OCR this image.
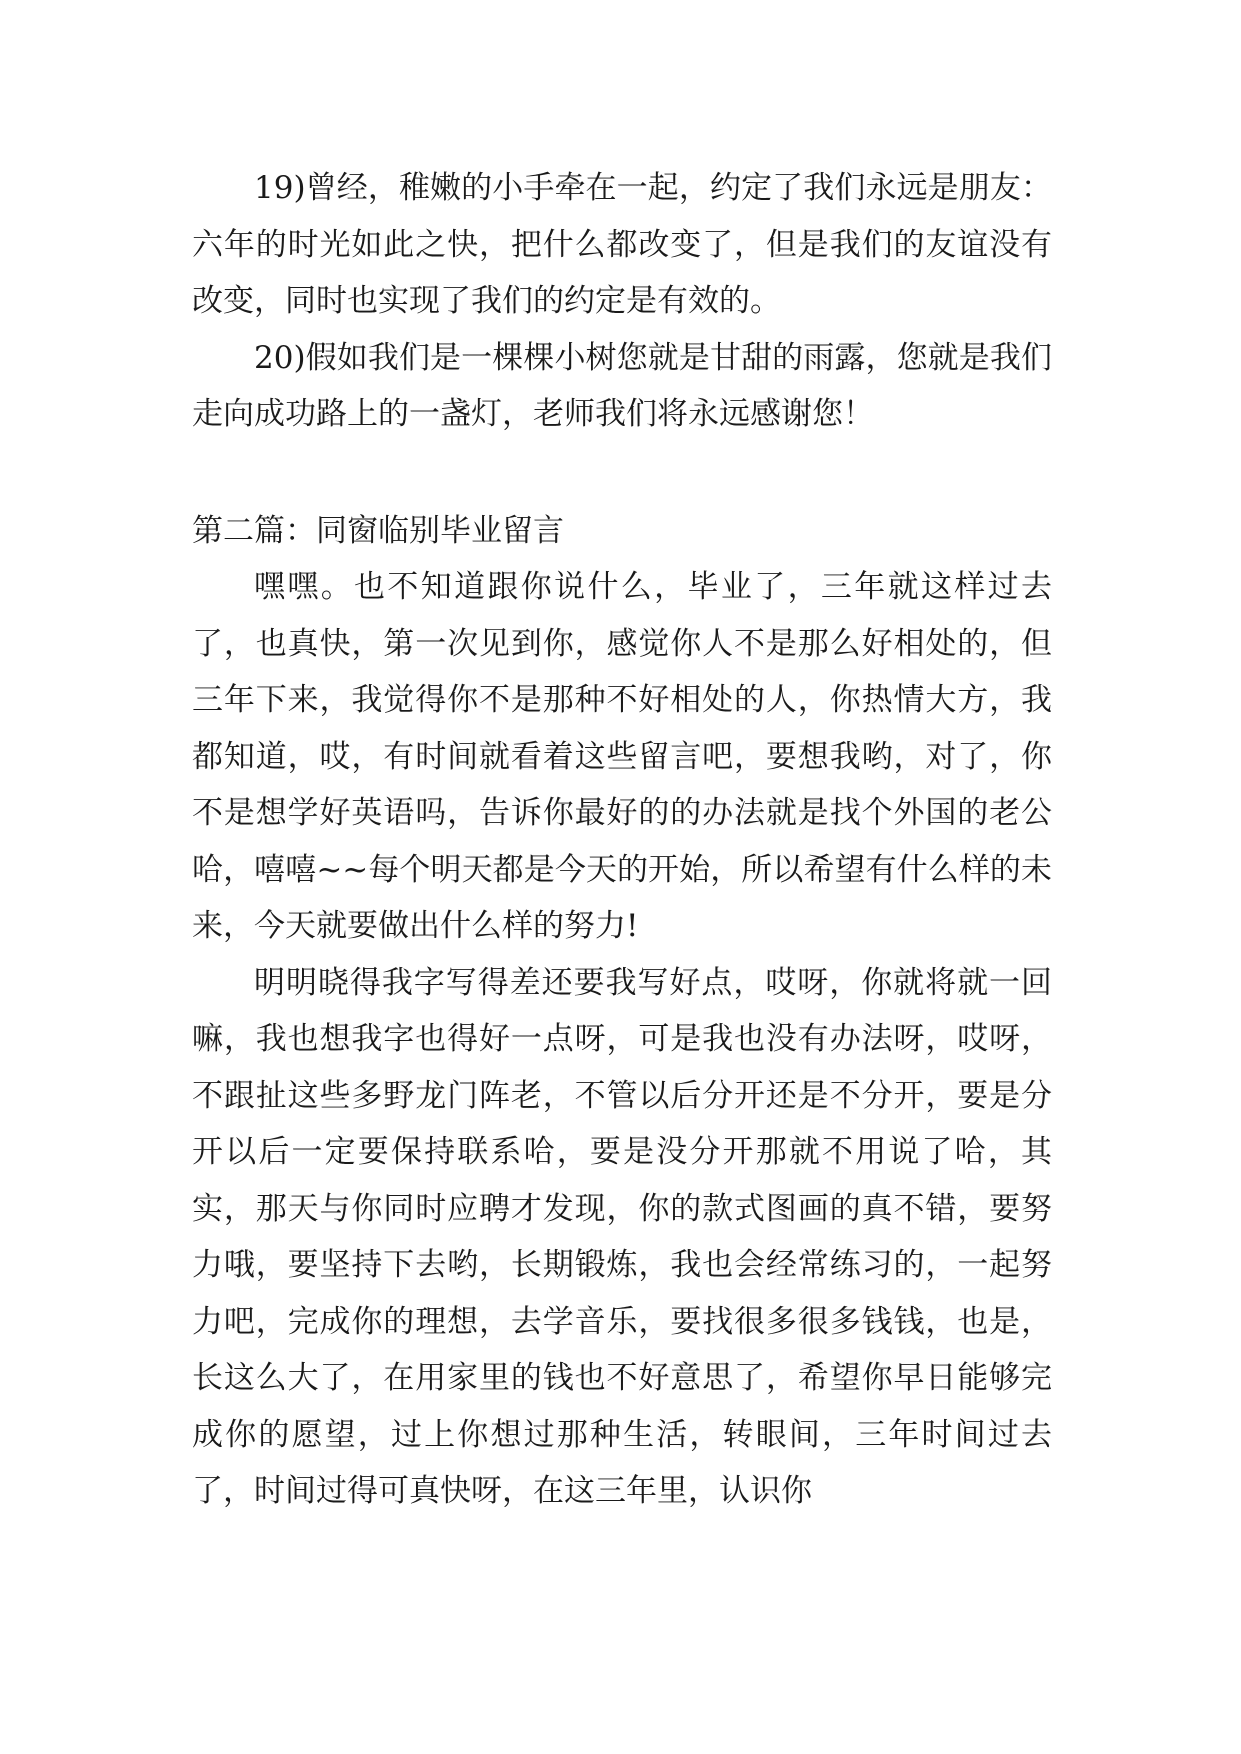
19)曾经，稚嫩的小手牵在一起，约定了我们永远是朋友：六年的时光如此之快，把什么都改变了，但是我们的友谊没有改变，同时也实现了我们的约定是有效的。

20)假如我们是一棵棵小树您就是甘甜的雨露，您就是我们走向成功路上的一盏灯，老师我们将永远感谢您！

第二篇：同窗临别毕业留言

嘿嘿。也不知道跟你说什么，毕业了，三年就这样过去了，也真快，第一次见到你，感觉你人不是那么好相处的，但三年下来，我觉得你不是那种不好相处的人，你热情大方，我都知道，哎，有时间就看着这些留言吧，要想我哟，对了，你不是想学好英语吗，告诉你最好的的办法就是找个外国的老公哈，嘻嘻~~每个明天都是今天的开始，所以希望有什么样的未来，今天就要做出什么样的努力!

明明晓得我字写得差还要我写好点，哎呀，你就将就一回嘛，我也想我字也得好一点呀，可是我也没有办法呀，哎呀，不跟扯这些多野龙门阵老，不管以后分开还是不分开，要是分开以后一定要保持联系哈，要是没分开那就不用说了哈，其实，那天与你同时应聘才发现，你的款式图画的真不错，要努力哦，要坚持下去哟，长期锻炼，我也会经常练习的，一起努力吧，完成你的理想，去学音乐，要找很多很多钱钱，也是，长这么大了，在用家里的钱也不好意思了，希望你早日能够完成你的愿望，过上你想过那种生活，转眼间，三年时间过去了，时间过得可真快呀，在这三年里，认识你
